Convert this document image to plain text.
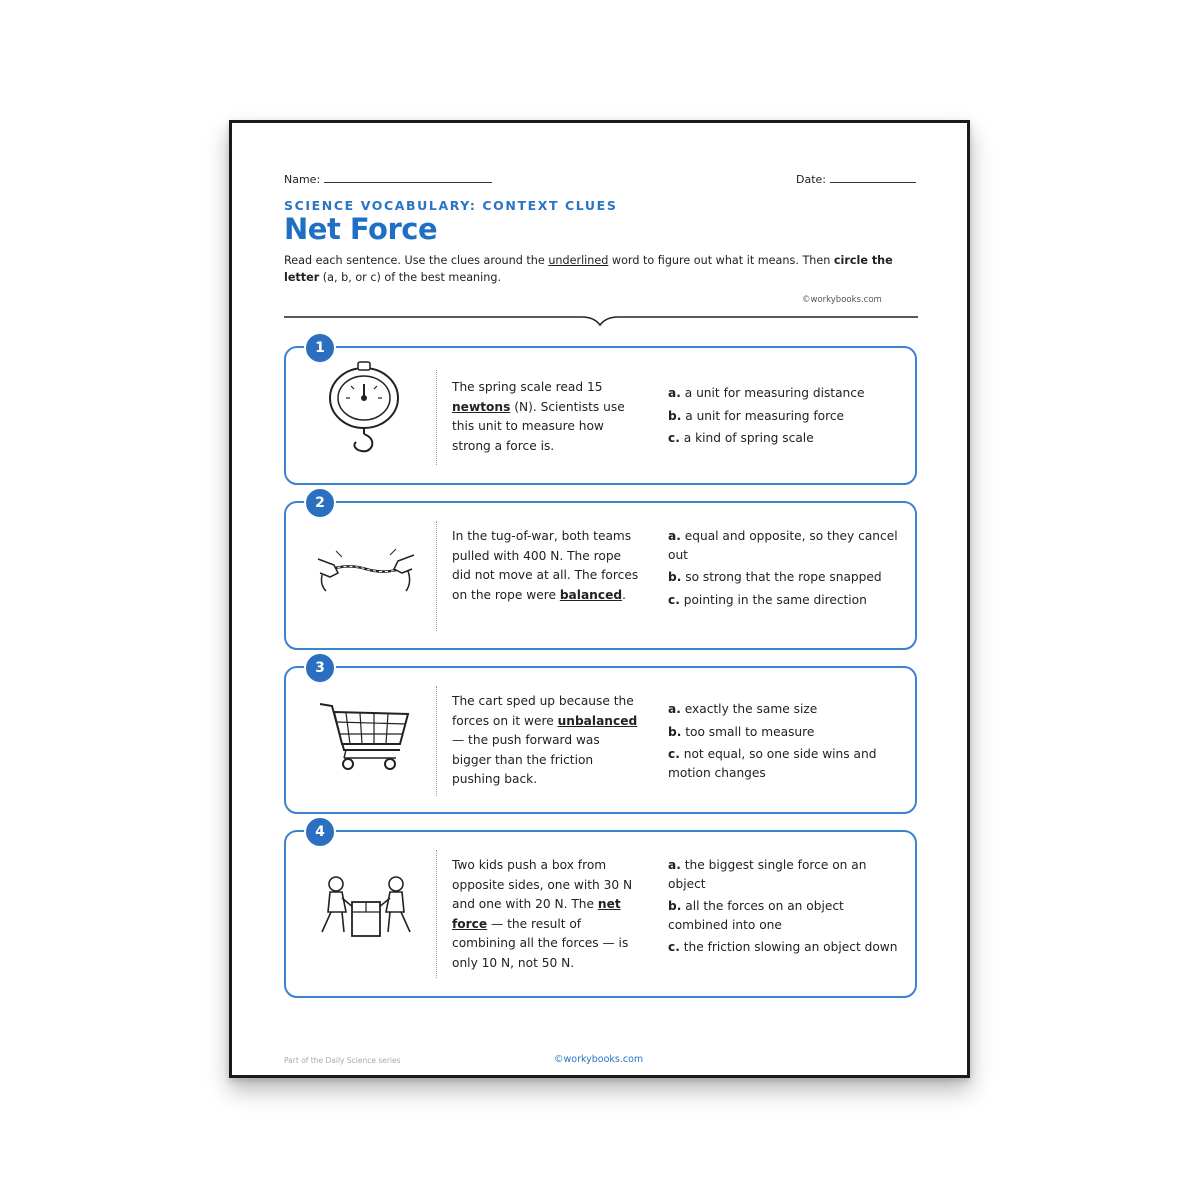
Name:	Date:
SCIENCE VOCABULARY: CONTEXT CLUES
Net Force
Read each sentence. Use the clues around the underlined word to figure out what it means. Then circle the letter (a, b, or c) of the best meaning.
©workybooks.com
1
The spring scale read 15 newtons (N). Scientists use this unit to measure how strong a force is.
a. a unit for measuring distance
b. a unit for measuring force
c. a kind of spring scale
2
In the tug-of-war, both teams pulled with 400 N. The rope did not move at all. The forces on the rope were balanced.
a. equal and opposite, so they cancel out
b. so strong that the rope snapped
c. pointing in the same direction
3
The cart sped up because the forces on it were unbalanced — the push forward was bigger than the friction pushing back.
a. exactly the same size
b. too small to measure
c. not equal, so one side wins and motion changes
4
Two kids push a box from opposite sides, one with 30 N and one with 20 N. The net force — the result of combining all the forces — is only 10 N, not 50 N.
a. the biggest single force on an object
b. all the forces on an object combined into one
c. the friction slowing an object down
Part of the Daily Science series	©workybooks.com
